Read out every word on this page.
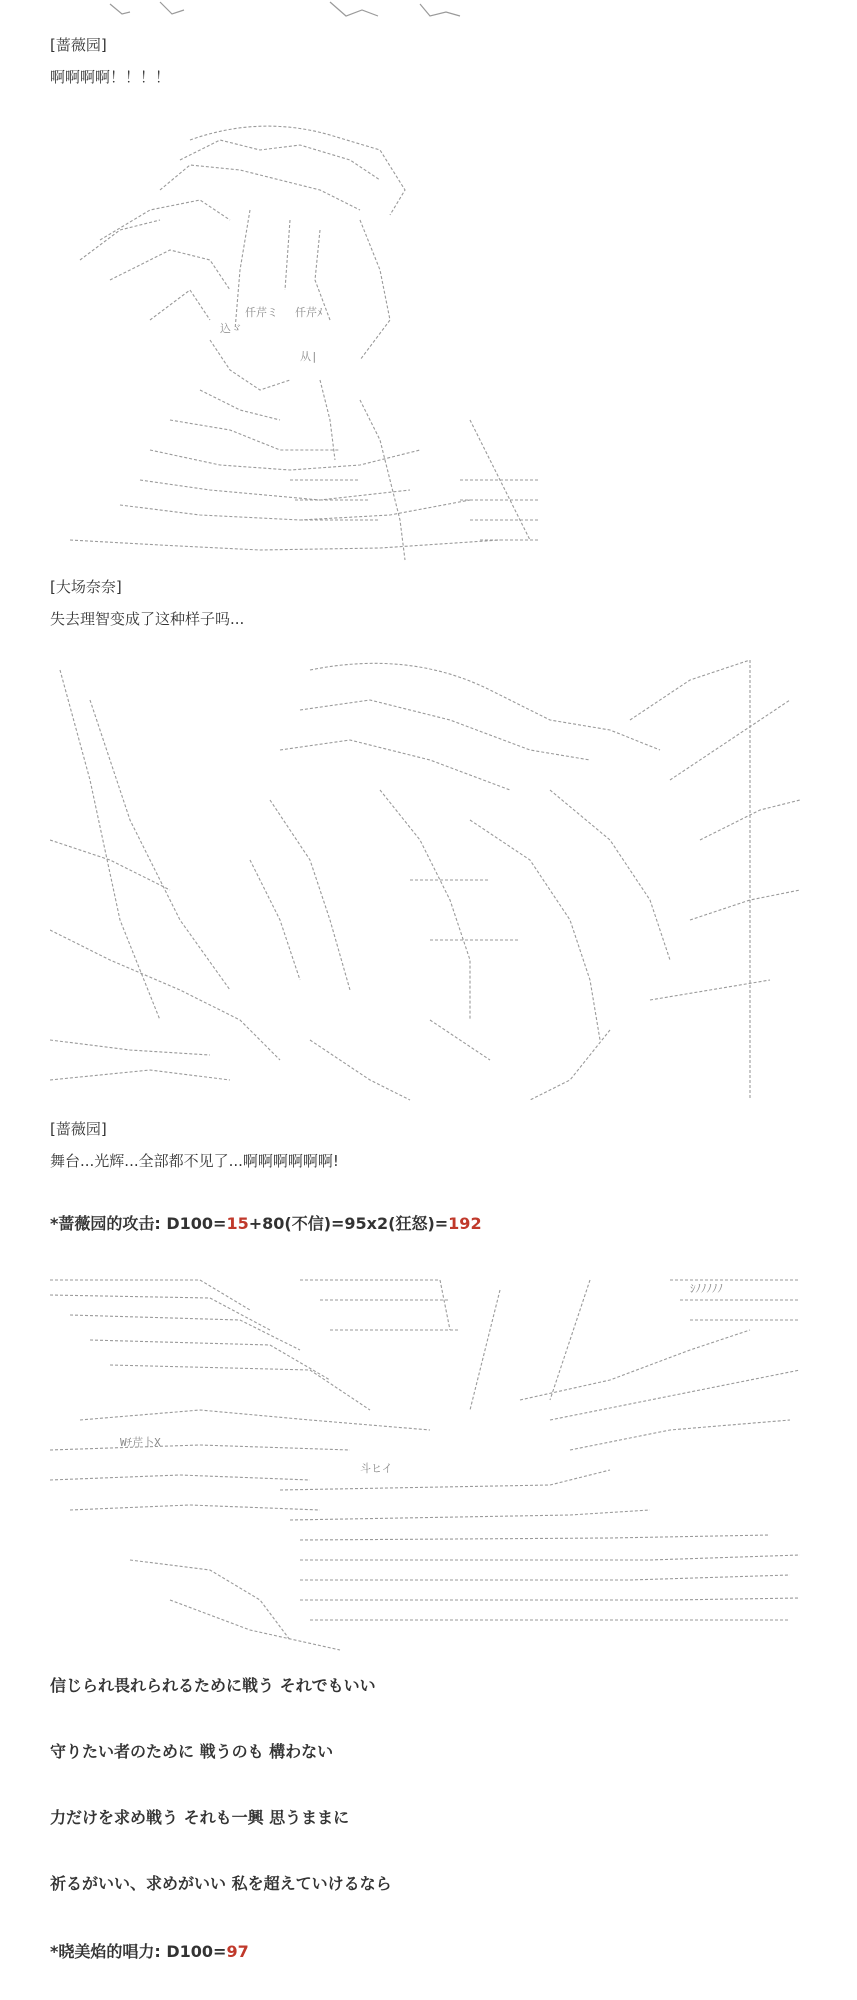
[蔷薇园]
啊啊啊啊！！！！
仟芹ミ 仟芹ﾒ
込ゞ
从|
[大场奈奈]
失去理智变成了这种样子吗...
[蔷薇园]
舞台...光辉...全部都不见了...啊啊啊啊啊啊!
*蔷薇园的攻击: D100=15+80(不信)=95x2(狂怒)=192
Wﾁ芹卜X
斗ヒイ
ｼﾉﾉﾉﾉﾉ
信じられ畏れられるために戦う それでもいい
守りたい者のために 戦うのも 構わない
力だけを求め戦う それも一興 思うままに
祈るがいい、求めがいい 私を超えていけるなら
*晓美焰的唱力: D100=97
